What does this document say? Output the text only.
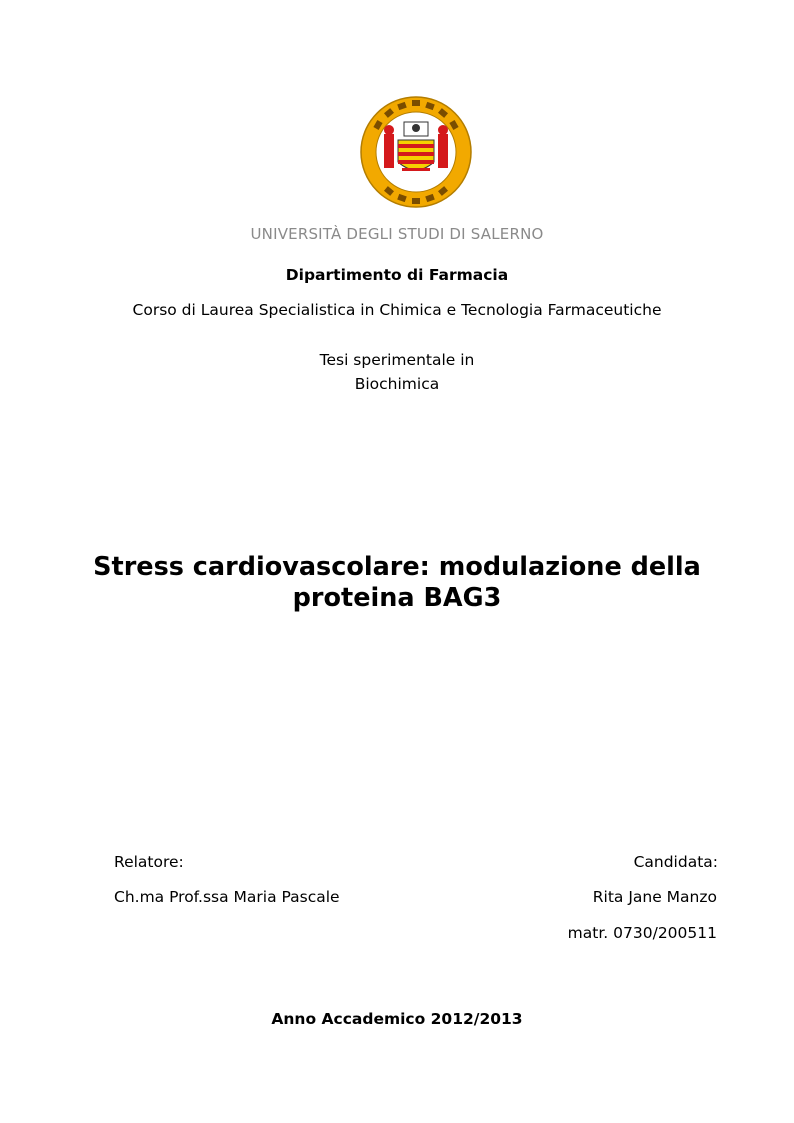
UNIVERSITÀ DEGLI STUDI DI SALERNO
Dipartimento di Farmacia
Corso di Laurea Specialistica in Chimica e Tecnologia Farmaceutiche
Tesi sperimentale in
Biochimica
Stress cardiovascolare: modulazione della
proteina BAG3
Relatore:
Ch.ma Prof.ssa Maria Pascale
Candidata:
Rita Jane Manzo
matr. 0730/200511
Anno Accademico 2012/2013
